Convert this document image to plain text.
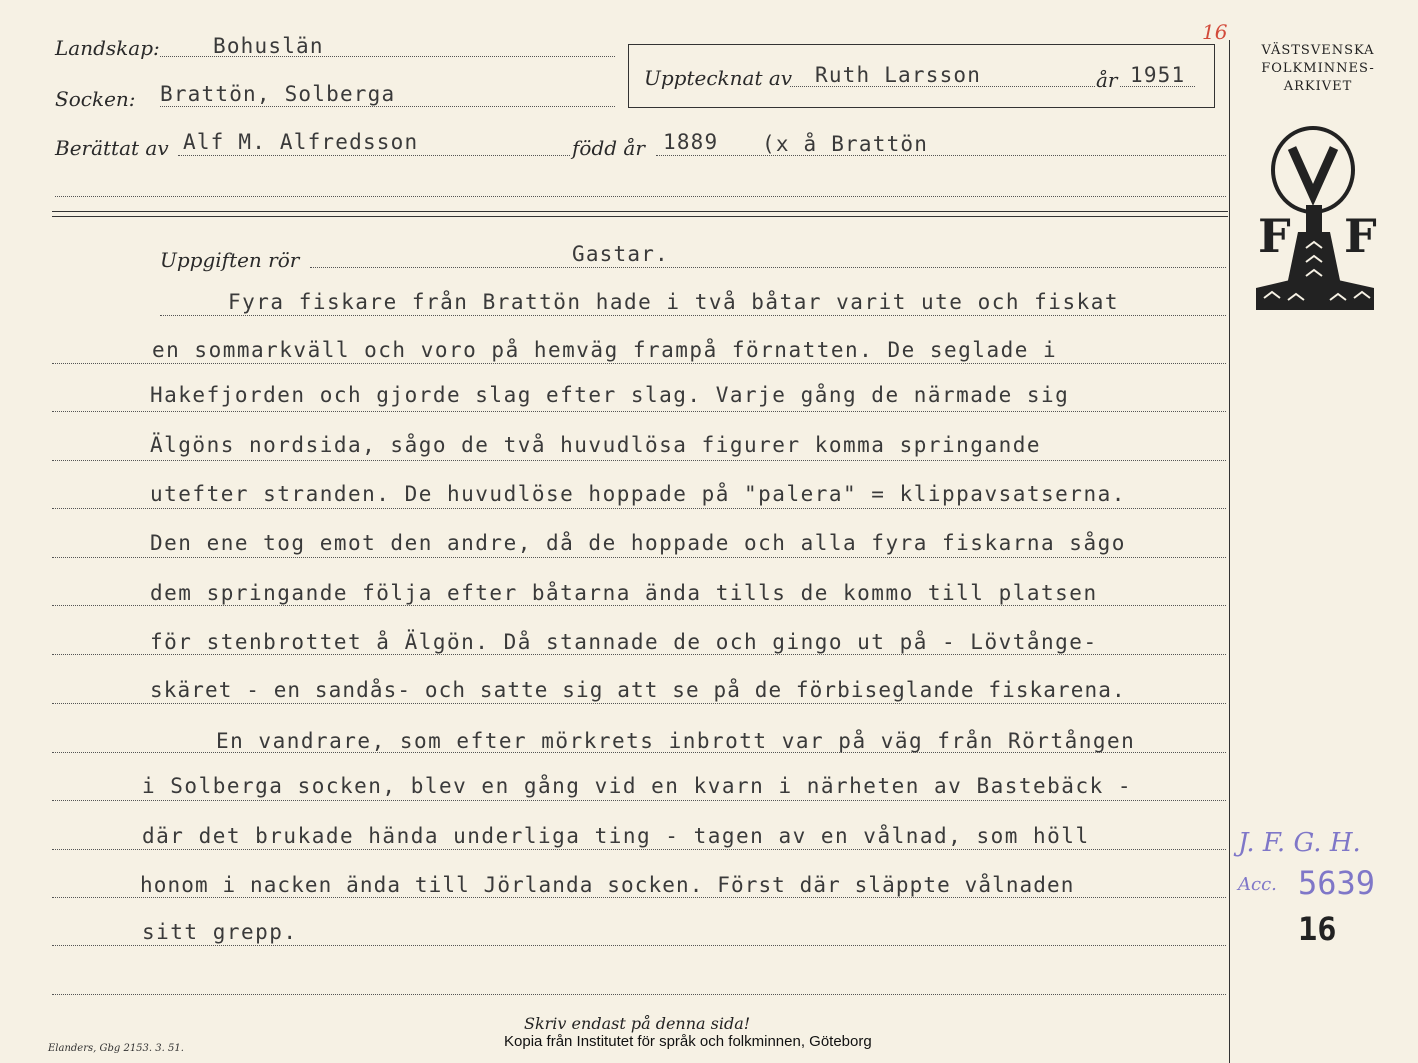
16
Landskap:	Bohuslän
Socken: Brattön, Solberga
Upptecknat av Ruth Larsson	år 1951
Berättat av Alf M. Alfredsson	född år 1889 (x å Brattön
VÄSTSVENSKA
FOLKMINNES-
ARKIVET
F F
Uppgiften rör	Gastar.
Fyra fiskare från Brattön hade i två båtar varit ute och fiskat
en sommarkväll och voro på hemväg frampå förnatten. De seglade i
Hakefjorden och gjorde slag efter slag. Varje gång de närmade sig
Älgöns nordsida, sågo de två huvudlösa figurer komma springande
utefter stranden. De huvudlöse hoppade på "palera" = klippavsatserna.
Den ene tog emot den andre, då de hoppade och alla fyra fiskarna sågo
dem springande följa efter båtarna ända tills de kommo till platsen
för stenbrottet å Älgön. Då stannade de och gingo ut på - Lövtånge-
skäret - en sandås- och satte sig att se på de förbiseglande fiskarena.
En vandrare, som efter mörkrets inbrott var på väg från Rörtången
i Solberga socken, blev en gång vid en kvarn i närheten av Bastebäck -
där det brukade hända underliga ting - tagen av en vålnad, som höll
honom i nacken ända till Jörlanda socken. Först där släppte vålnaden
sitt grepp.
J. F. G. H.
Acc. 5639
16
Skriv endast på denna sida!
Kopia från Institutet för språk och folkminnen, Göteborg
Elanders, Gbg 2153. 3. 51.
